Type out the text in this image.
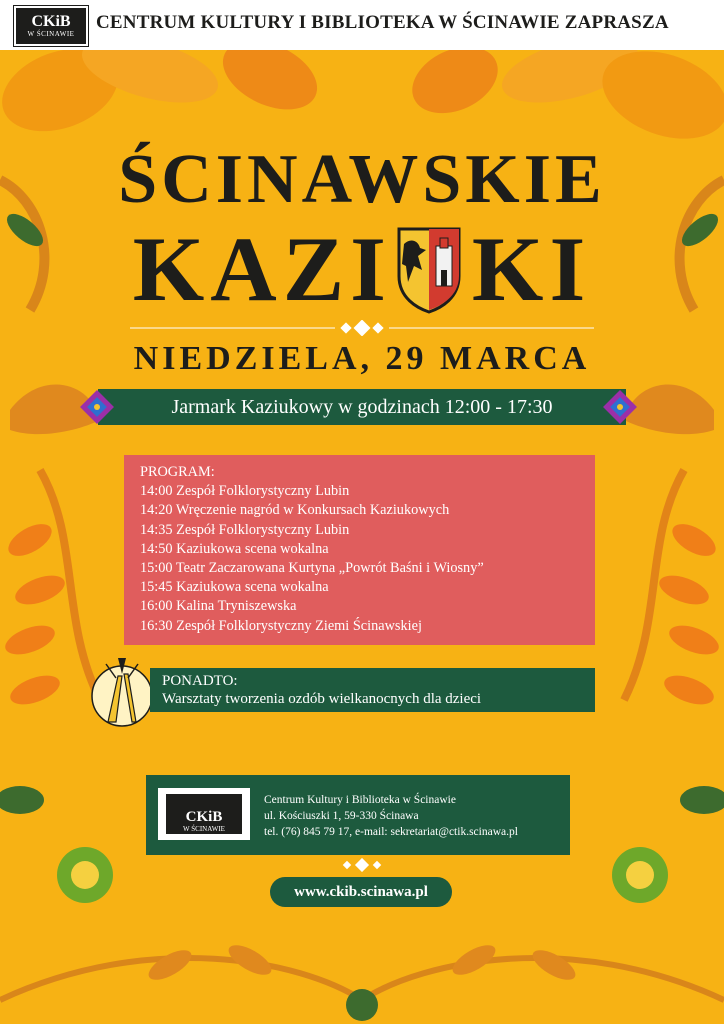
CKiB
W ŚCINAWIE
CENTRUM KULTURY I BIBLIOTEKA W ŚCINAWIE ZAPRASZA
ŚCINAWSKIE
KAZI KI
NIEDZIELA, 29 MARCA
Jarmark Kaziukowy w godzinach 12:00 - 17:30
PROGRAM:
14:00 Zespół Folklorystyczny Lubin
14:20 Wręczenie nagród w Konkursach Kaziukowych
14:35 Zespół Folklorystyczny Lubin
14:50 Kaziukowa scena wokalna
15:00 Teatr Zaczarowana Kurtyna „Powrót Baśni i Wiosny”
15:45 Kaziukowa scena wokalna
16:00 Kalina Tryniszewska
16:30 Zespół Folklorystyczny Ziemi Ścinawskiej
PONADTO:
Warsztaty tworzenia ozdób wielkanocnych dla dzieci
CKiB
W ŚCINAWIE
Centrum Kultury i Biblioteka w Ścinawie
ul. Kościuszki 1, 59-330 Ścinawa
tel. (76) 845 79 17, e-mail: sekretariat@ctik.scinawa.pl
www.ckib.scinawa.pl
